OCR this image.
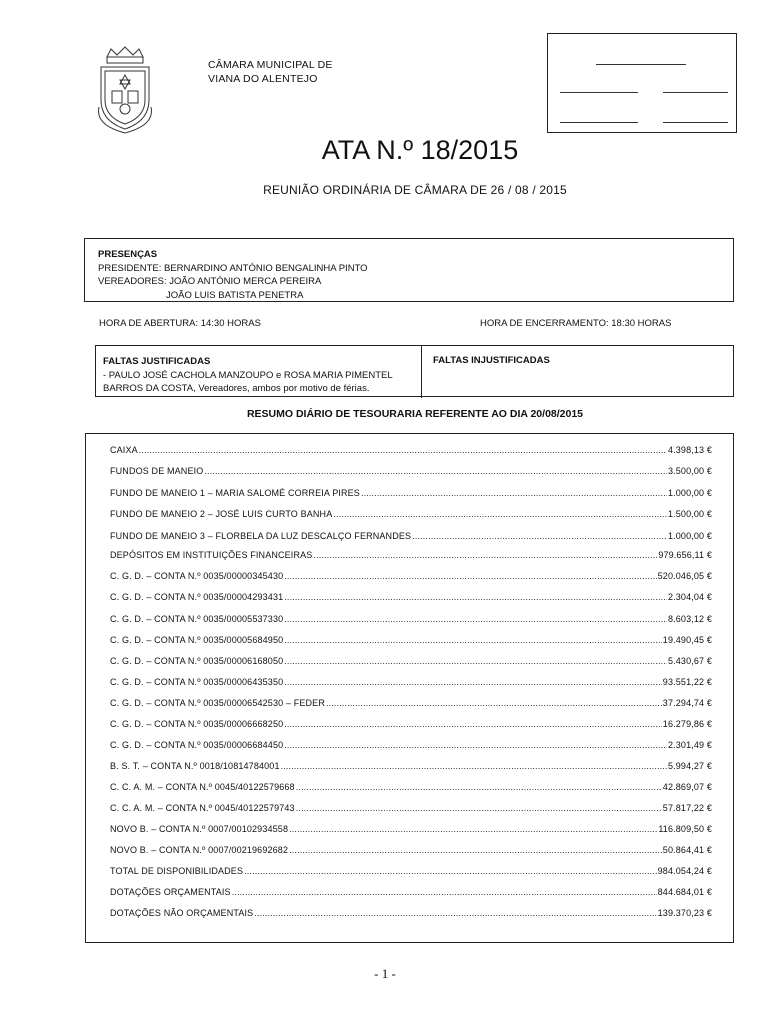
CÂMARA MUNICIPAL DE
VIANA DO ALENTEJO
ATA N.º 18/2015
REUNIÃO ORDINÁRIA DE CÂMARA DE 26 / 08 / 2015
PRESENÇAS
PRESIDENTE: BERNARDINO ANTÓNIO BENGALINHA PINTO
VEREADORES: JOÃO ANTÓNIO MERCA PEREIRA
JOÃO LUIS BATISTA PENETRA
HORA DE ABERTURA: 14:30 HORAS	HORA DE ENCERRAMENTO: 18:30 HORAS
FALTAS JUSTIFICADAS
- PAULO JOSÉ CACHOLA MANZOUPO e ROSA MARIA PIMENTEL
BARROS DA COSTA, Vereadores, ambos por motivo de férias.
FALTAS INJUSTIFICADAS
RESUMO DIÁRIO DE TESOURARIA REFERENTE AO DIA 20/08/2015
CAIXA .....	4.398,13 €
FUNDOS DE MANEIO .....	3.500,00 €
FUNDO DE MANEIO 1 – MARIA SALOMÉ CORREIA PIRES .....	1.000,00 €
FUNDO DE MANEIO 2 – JOSÉ LUIS CURTO BANHA .....	1.500,00 €
FUNDO DE MANEIO 3 – FLORBELA DA LUZ DESCALÇO FERNANDES .....	1.000,00 €
DEPÓSITOS EM INSTITUIÇÕES FINANCEIRAS .....	979.656,11 €
C. G. D. – CONTA N.º 0035/00000345430 .....	520.046,05 €
C. G. D. – CONTA N.º 0035/00004293431 .....	2.304,04 €
C. G. D. – CONTA N.º 0035/00005537330 .....	8.603,12 €
C. G. D. – CONTA N.º 0035/00005684950 .....	19.490,45 €
C. G. D. – CONTA N.º 0035/00006168050 .....	5.430,67 €
C. G. D. – CONTA N.º 0035/00006435350 .....	93.551,22 €
C. G. D. – CONTA N.º 0035/00006542530 – FEDER .....	37.294,74 €
C. G. D. – CONTA N.º 0035/00006668250 .....	16.279,86 €
C. G. D. – CONTA N.º 0035/00006684450 .....	2.301,49 €
B. S. T. – CONTA N.º 0018/10814784001 .....	5.994,27 €
C. C. A. M. – CONTA N.º 0045/40122579668 .....	42.869,07 €
C. C. A. M. – CONTA N.º 0045/40122579743 .....	57.817,22 €
NOVO B. – CONTA N.º 0007/00102934558 .....	116.809,50 €
NOVO B. – CONTA N.º 0007/00219692682 .....	50.864,41 €
TOTAL DE DISPONIBILIDADES .....	984.054,24 €
DOTAÇÕES ORÇAMENTAIS .....	844.684,01 €
DOTAÇÕES NÃO ORÇAMENTAIS .....	139.370,23 €
- 1 -
